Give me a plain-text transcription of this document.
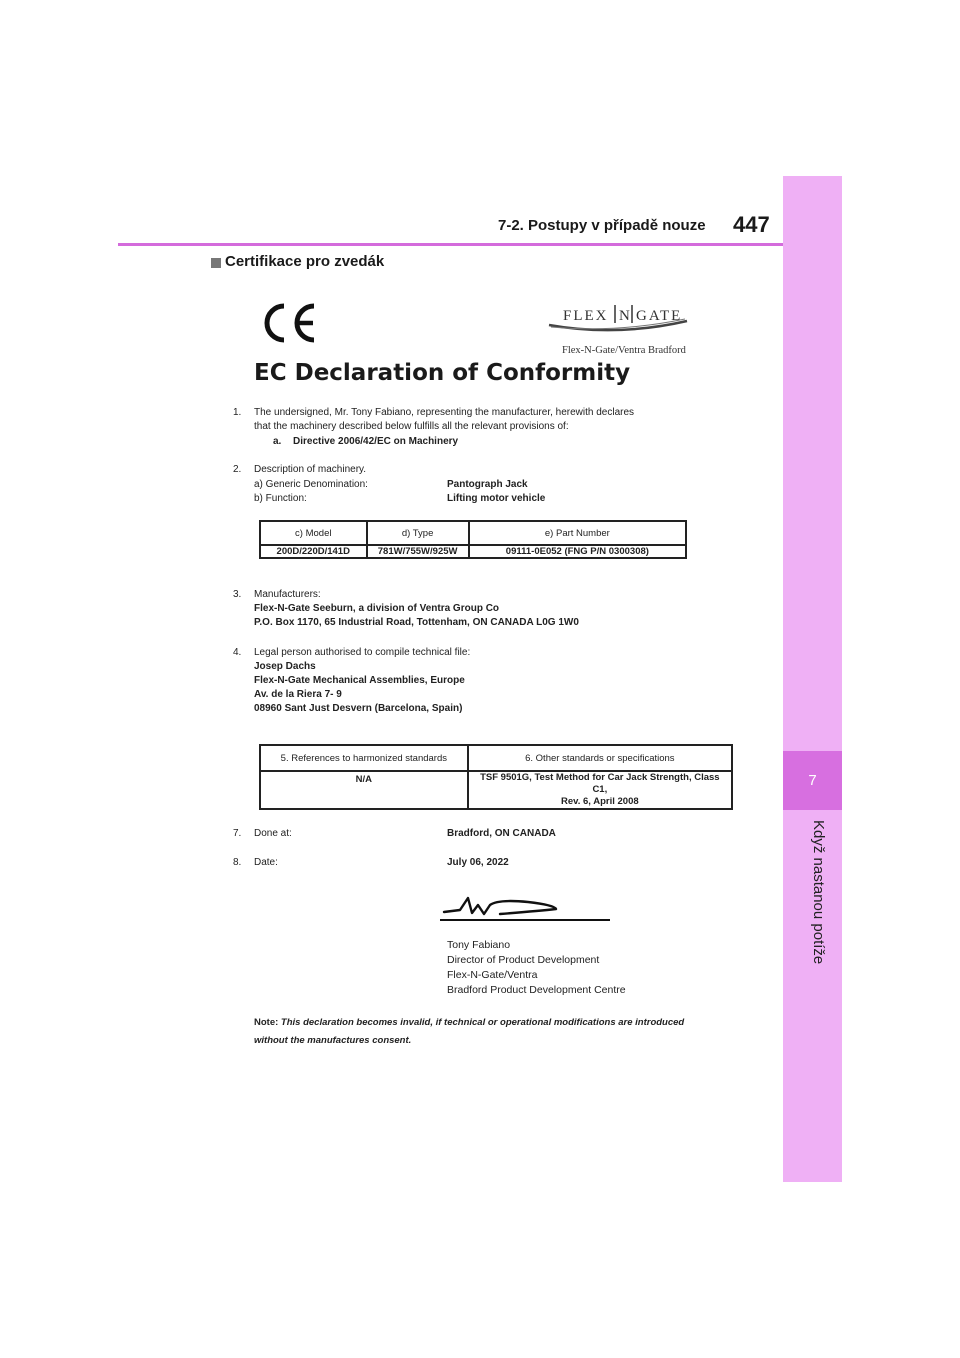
7
Když nastanou potíže
7-2. Postupy v případě nouze 447
Certifikace pro zvedák
FLEX N GATE
Flex-N-Gate/Ventra Bradford
EC Declaration of Conformity
1. The undersigned, Mr. Tony Fabiano, representing the manufacturer, herewith declares
that the machinery described below fulfills all the relevant provisions of:
a. Directive 2006/42/EC on Machinery
2. Description of machinery.
a) Generic Denomination:	Pantograph Jack
b) Function:	Lifting motor vehicle
c) Model	d) Type	e) Part Number
200D/220D/141D	781W/755W/925W	09111-0E052 (FNG P/N 0300308)
3. Manufacturers:
Flex-N-Gate Seeburn, a division of Ventra Group Co
P.O. Box 1170, 65 Industrial Road, Tottenham, ON CANADA L0G 1W0
4. Legal person authorised to compile technical file:
Josep Dachs
Flex-N-Gate Mechanical Assemblies, Europe
Av. de la Riera 7- 9
08960 Sant Just Desvern (Barcelona, Spain)
5. References to harmonized standards	6. Other standards or specifications
N/A	TSF 9501G, Test Method for Car Jack Strength, Class C1,
Rev. 6, April 2008
7. Done at:	Bradford, ON CANADA
8. Date:	July 06, 2022
Tony Fabiano
Director of Product Development
Flex-N-Gate/Ventra
Bradford Product Development Centre
Note: This declaration becomes invalid, if technical or operational modifications are introduced
without the manufactures consent.
